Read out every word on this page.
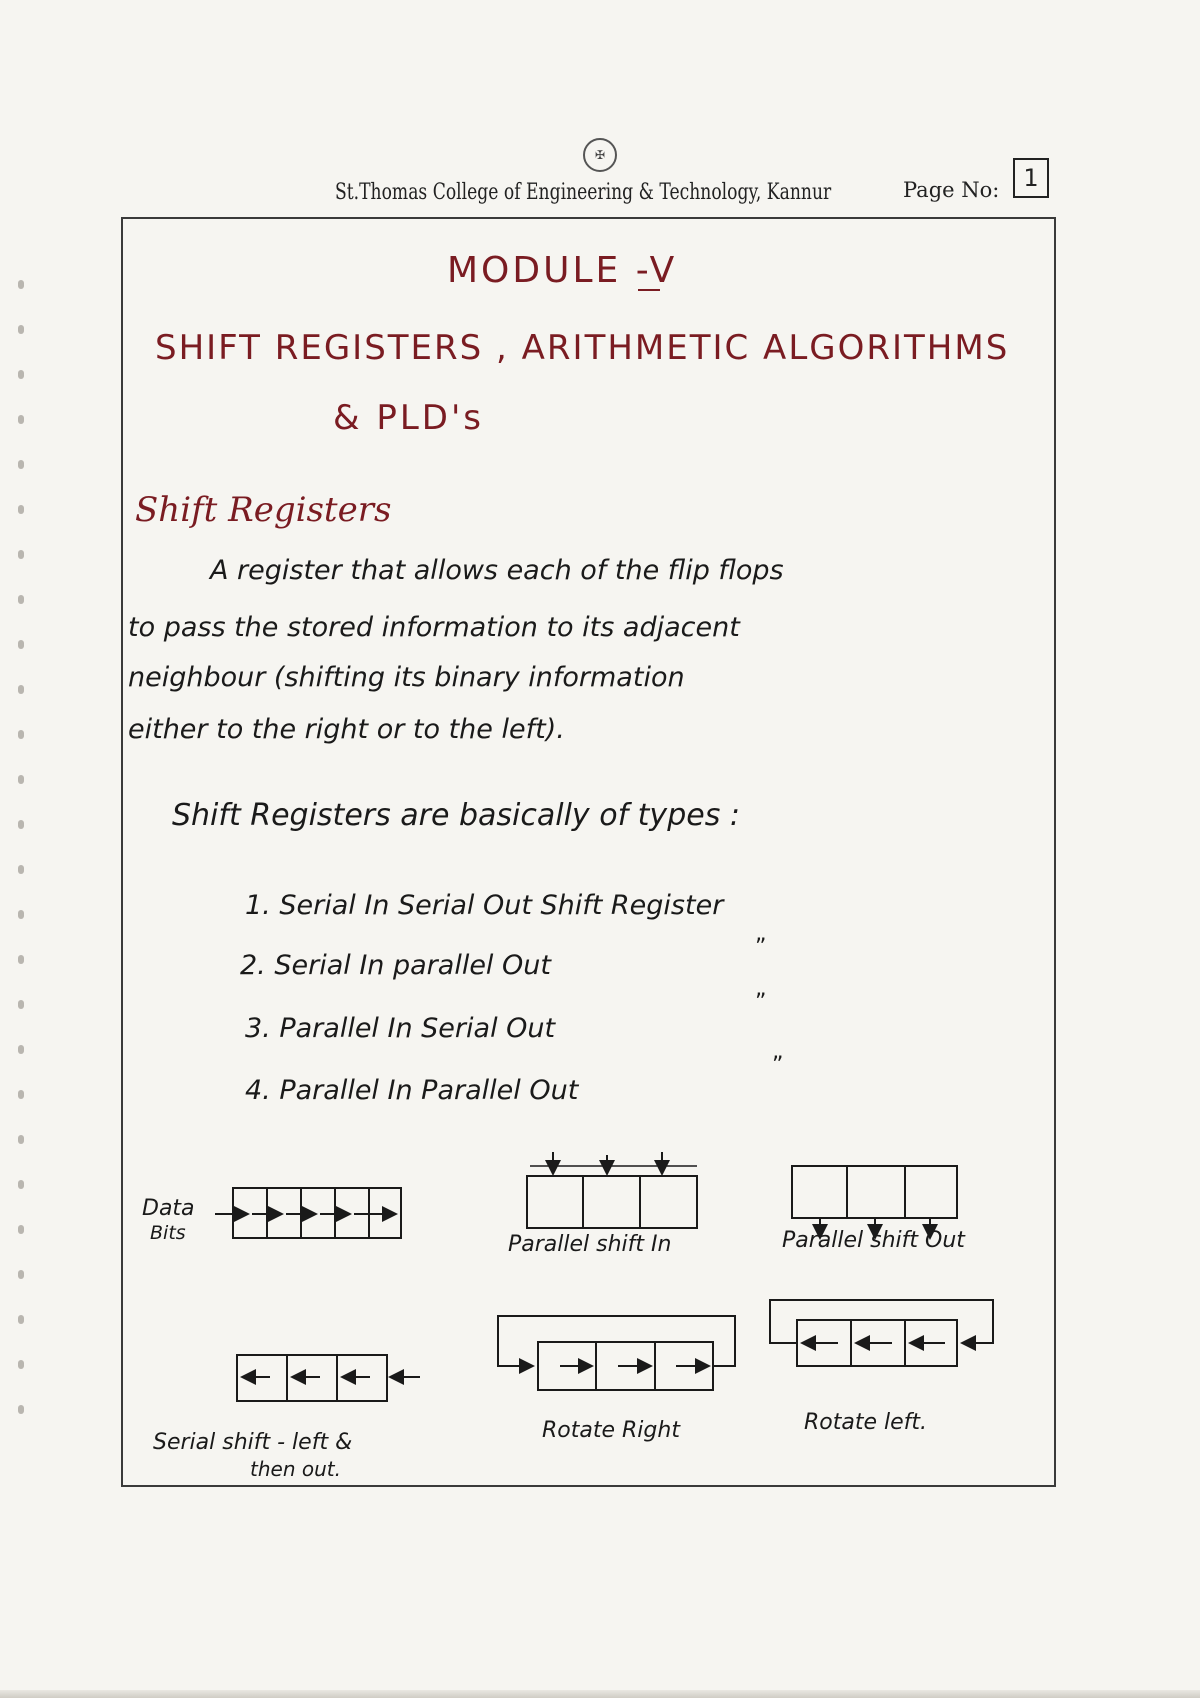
✠
St.Thomas College of Engineering & Technology, Kannur	Page No:	1
MODULE -V
SHIFT REGISTERS , ARITHMETIC ALGORITHMS
& PLD's
Shift Registers
A register that allows each of the flip flops
to pass the stored information to its adjacent
neighbour (shifting its binary information
either to the right or to the left).
Shift Registers are basically of types :
1. Serial In Serial Out Shift Register
2. Serial In parallel Out
3. Parallel In Serial Out
4. Parallel In Parallel Out
”
”
”
Data
Bits	Parallel shift In	Parallel shift Out
Serial shift - left &
then out.
Rotate Right	Rotate left.
